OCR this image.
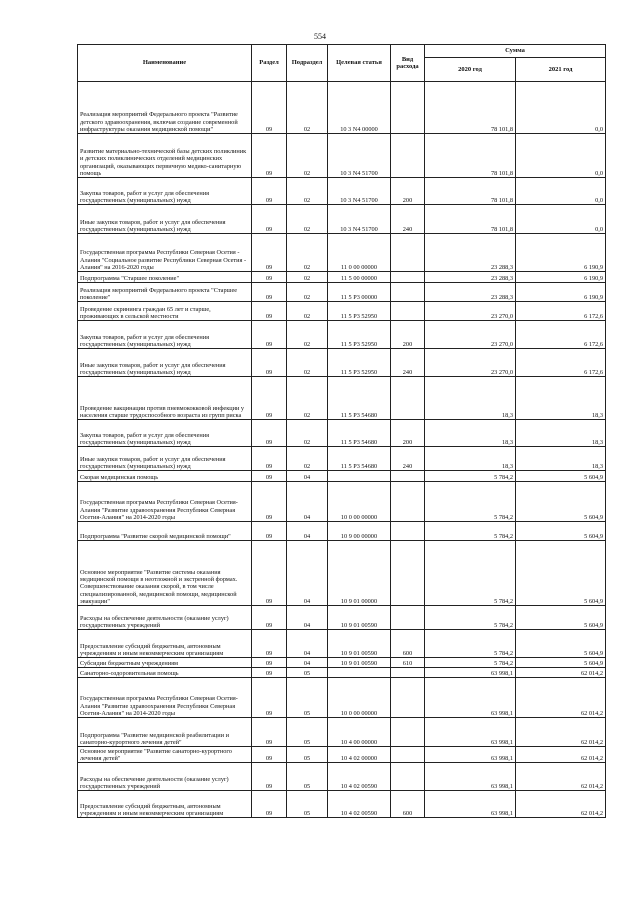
554
Наименование	Раздел	Подраздел	Целевая статья	Вид расхода	Сумма	
					2020 год	2021 год
Реализация мероприятий Федерального проекта "Развитие детского здравоохранения, включая создание современной инфраструктуры оказания медицинской помощи"	09	02	10 3 N4 00000		78 101,8	0,0
Развитие материально-технической базы детских поликлиник и детских поликлинических отделений медицинских организаций, оказывающих первичную медико-санитарную помощь	09	02	10 3 N4 51700		78 101,8	0,0
Закупка товаров, работ и услуг для обеспечения государственных (муниципальных) нужд	09	02	10 3 N4 51700	200	78 101,8	0,0
Иные закупки товаров, работ и услуг для обеспечения государственных (муниципальных) нужд	09	02	10 3 N4 51700	240	78 101,8	0,0
Государственная программа Республики Северная Осетия - Алания "Социальное развитие Республики Северная Осетия - Алания" на 2016-2020 годы	09	02	11 0 00 00000		23 288,3	6 190,9
Подпрограмма "Старшее поколение"	09	02	11 5 00 00000		23 288,3	6 190,9
Реализация мероприятий Федерального проекта "Старшее поколение"	09	02	11 5 P3 00000		23 288,3	6 190,9
Проведение скрининга граждан 65 лет и старше, проживающих в сельской местности	09	02	11 5 P3 52950		23 270,0	6 172,6
Закупка товаров, работ и услуг для обеспечения государственных (муниципальных) нужд	09	02	11 5 P3 52950	200	23 270,0	6 172,6
Иные закупки товаров, работ и услуг для обеспечения государственных (муниципальных) нужд	09	02	11 5 P3 52950	240	23 270,0	6 172,6
Проведение вакцинации против пневмококковой инфекции у населения старше трудоспособного возраста из групп риска	09	02	11 5 P3 54680		18,3	18,3
Закупка товаров, работ и услуг для обеспечения государственных (муниципальных) нужд	09	02	11 5 P3 54680	200	18,3	18,3
Иные закупки товаров, работ и услуг для обеспечения государственных (муниципальных) нужд	09	02	11 5 P3 54680	240	18,3	18,3
Скорая медицинская помощь	09	04			5 784,2	5 604,9
Государственная программа Республики Северная Осетия-Алания "Развитие здравоохранения Республики Северная Осетия-Алания" на 2014-2020 годы	09	04	10 0 00 00000		5 784,2	5 604,9
Подпрограмма "Развитие скорой медицинской помощи"	09	04	10 9 00 00000		5 784,2	5 604,9
Основное мероприятие "Развитие системы оказания медицинской помощи в неотложной и экстренной формах. Совершенствование оказания скорой, в том числе специализированной, медицинской помощи, медицинской эвакуации"	09	04	10 9 01 00000		5 784,2	5 604,9
Расходы на обеспечение деятельности (оказание услуг) государственных учреждений	09	04	10 9 01 00590		5 784,2	5 604,9
Предоставление субсидий бюджетным, автономным учреждениям и иным некоммерческим организациям	09	04	10 9 01 00590	600	5 784,2	5 604,9
Субсидии бюджетным учреждениям	09	04	10 9 01 00590	610	5 784,2	5 604,9
Санаторно-оздоровительная помощь	09	05			63 998,1	62 014,2
Государственная программа Республики Северная Осетия-Алания "Развитие здравоохранения Республики Северная Осетия-Алания" на 2014-2020 годы	09	05	10 0 00 00000		63 998,1	62 014,2
Подпрограмма "Развитие медицинской реабилитации и санаторно-курортного лечения детей"	09	05	10 4 00 00000		63 998,1	62 014,2
Основное мероприятие "Развитие санаторно-курортного лечения детей"	09	05	10 4 02 00000		63 998,1	62 014,2
Расходы на обеспечение деятельности (оказание услуг) государственных учреждений	09	05	10 4 02 00590		63 998,1	62 014,2
Предоставление субсидий бюджетным, автономным учреждениям и иным некоммерческим организациям	09	05	10 4 02 00590	600	63 998,1	62 014,2
